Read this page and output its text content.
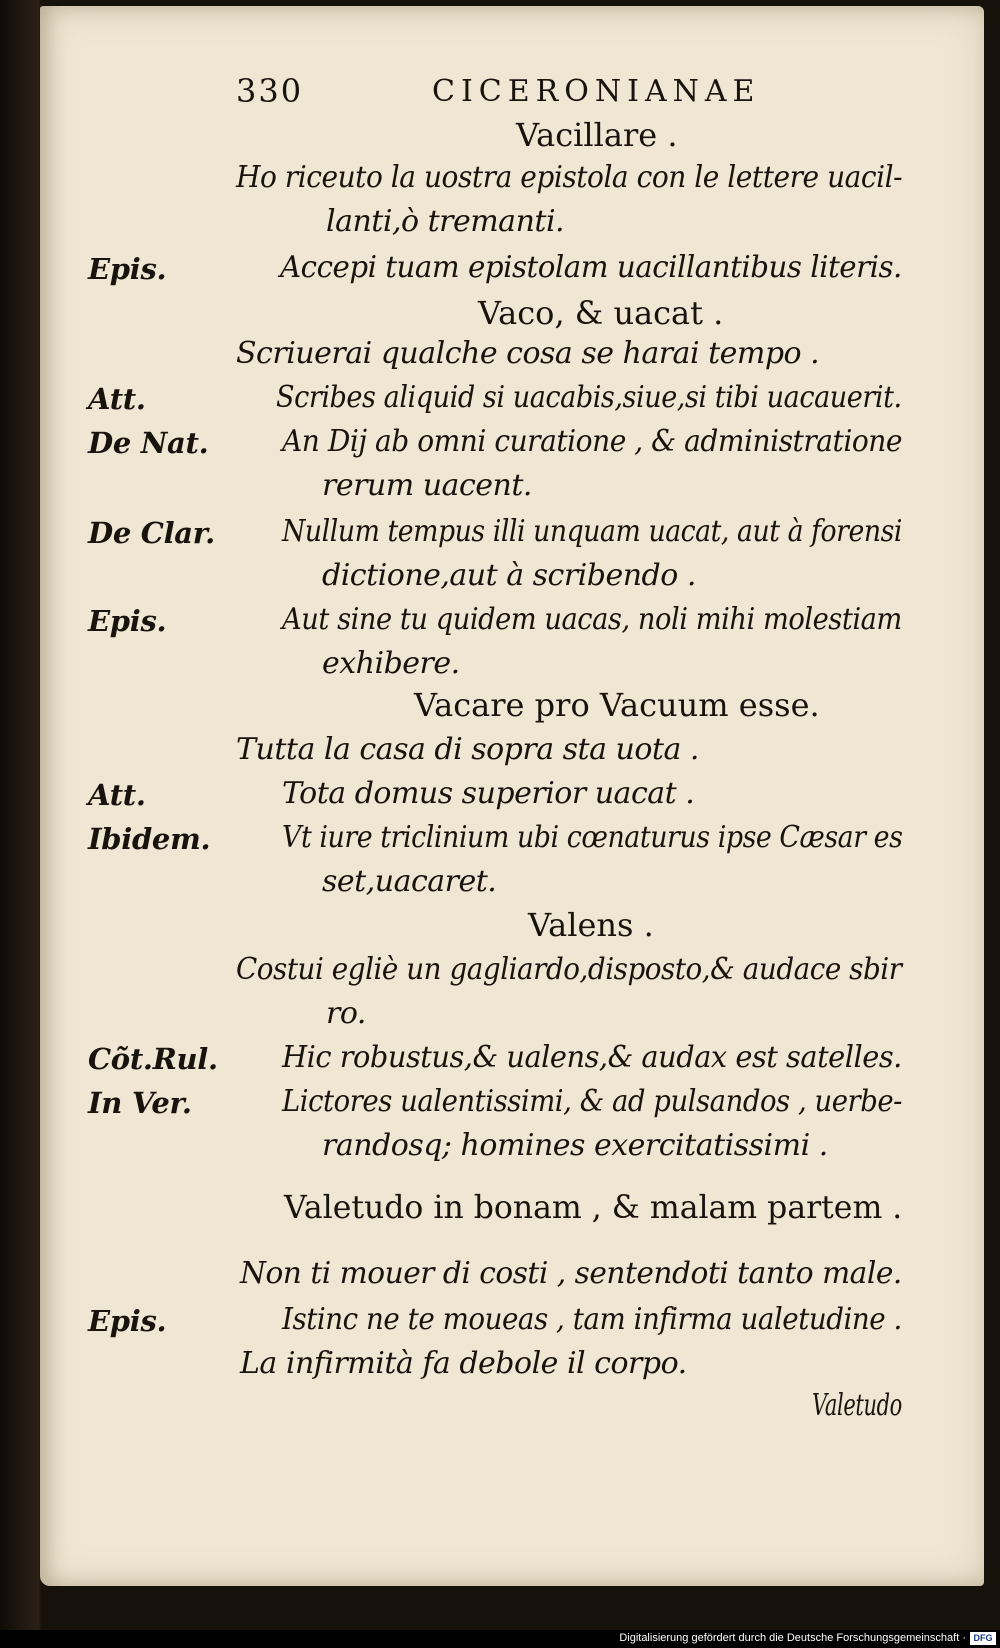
330	CICERONIANAE
Vacillare .
Ho riceuto la uostra epistola con le lettere uacil-
lanti,ò tremanti.
Epis.	Accepi tuam epistolam uacillantibus literis.
Vaco, & uacat .
Scriuerai qualche cosa se harai tempo .
Att.	Scribes aliquid si uacabis,siue,si tibi uacauerit.
De Nat. An Dij ab omni curatione , & administratione
rerum uacent.
De Clar. Nullum tempus illi unquam uacat, aut à forensi
dictione,aut à scribendo .
Epis.	Aut sine tu quidem uacas, noli mihi molestiam
exhibere.
Vacare pro Vacuum esse.
Tutta la casa di sopra sta uota .
Att.	Tota domus superior uacat .
Ibidem. Vt iure triclinium ubi cœnaturus ipse Cæsar es
set,uacaret.
Valens .
Costui egliè un gagliardo,disposto,& audace sbir
ro.
Cõt.Rul. Hic robustus,& ualens,& audax est satelles.
In Ver.	Lictores ualentissimi, & ad pulsandos , uerbe-
randosq; homines exercitatissimi .
Valetudo in bonam , & malam partem .
Non ti mouer di costi , sentendoti tanto male.
Epis.	Istinc ne te moueas , tam infirma ualetudine .
La infirmità fa debole il corpo.
Valetudo
Digitalisierung gefördert durch die Deutsche Forschungsgemeinschaft · DFG
